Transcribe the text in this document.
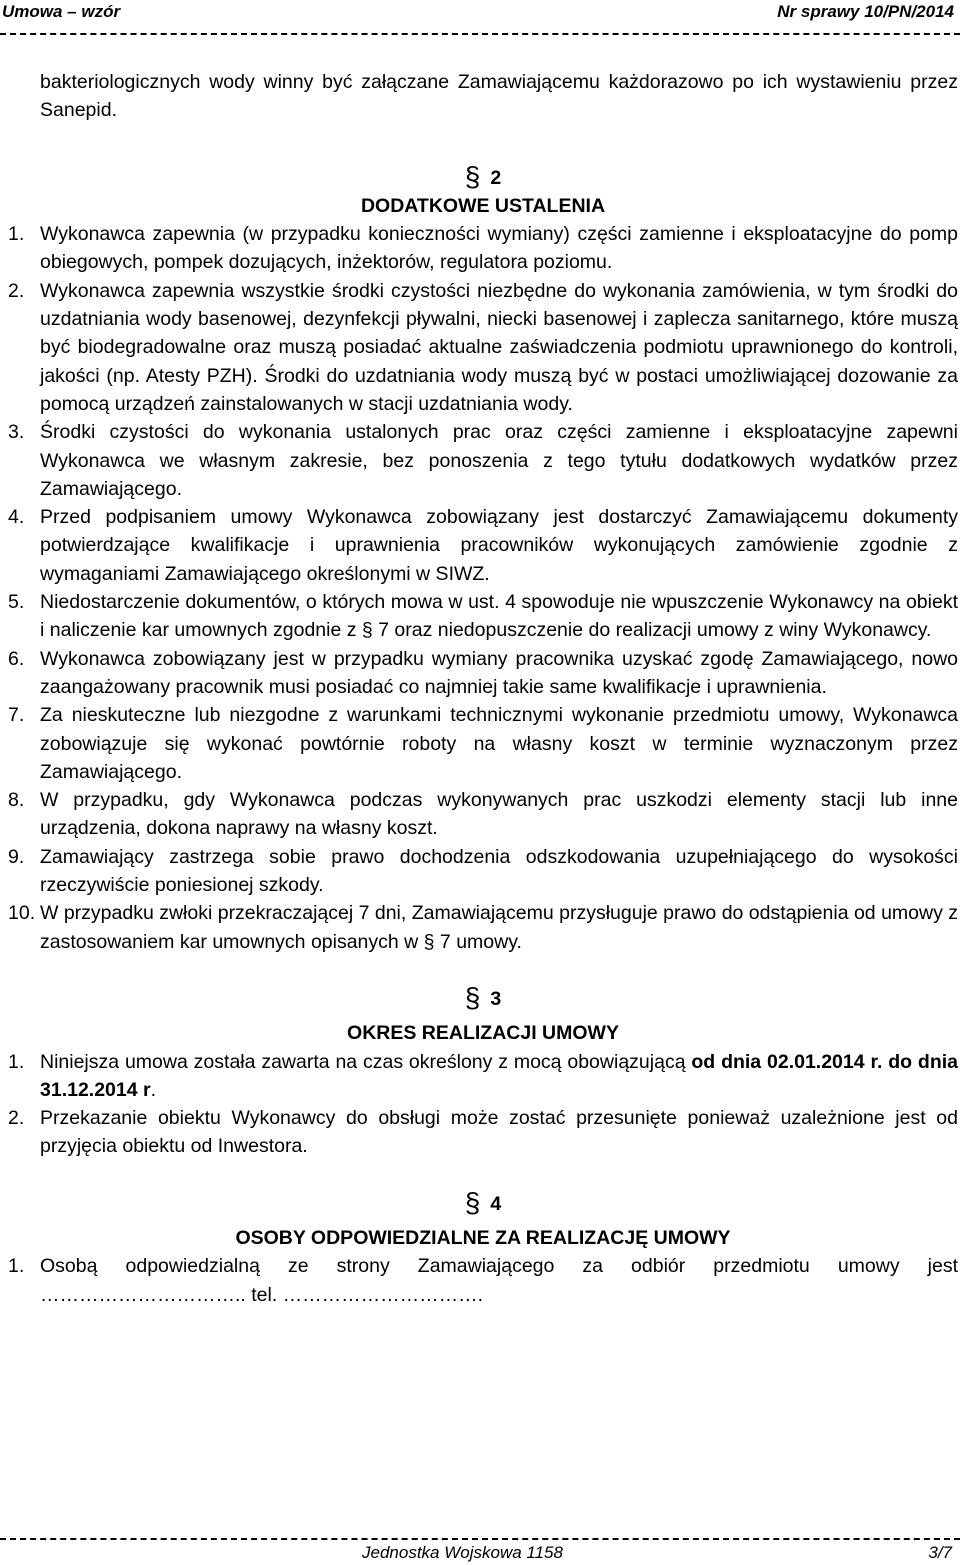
Umowa – wzór	Nr sprawy 10/PN/2014
bakteriologicznych wody winny być załączane Zamawiającemu każdorazowo po ich wystawieniu przez Sanepid.
§ 2
DODATKOWE USTALENIA
1. Wykonawca zapewnia (w przypadku konieczności wymiany) części zamienne i eksploatacyjne do pomp obiegowych, pompek dozujących, inżektorów, regulatora poziomu.
2. Wykonawca zapewnia wszystkie środki czystości niezbędne do wykonania zamówienia, w tym środki do uzdatniania wody basenowej, dezynfekcji pływalni, niecki basenowej i zaplecza sanitarnego, które muszą być biodegradowalne oraz muszą posiadać aktualne zaświadczenia podmiotu uprawnionego do kontroli, jakości (np. Atesty PZH). Środki do uzdatniania wody muszą być w postaci umożliwiającej dozowanie za pomocą urządzeń zainstalowanych w stacji uzdatniania wody.
3. Środki czystości do wykonania ustalonych prac oraz części zamienne i eksploatacyjne zapewni Wykonawca we własnym zakresie, bez ponoszenia z tego tytułu dodatkowych wydatków przez Zamawiającego.
4. Przed podpisaniem umowy Wykonawca zobowiązany jest dostarczyć Zamawiającemu dokumenty potwierdzające kwalifikacje i uprawnienia pracowników wykonujących zamówienie zgodnie z wymaganiami Zamawiającego określonymi w SIWZ.
5. Niedostarczenie dokumentów, o których mowa w ust. 4 spowoduje nie wpuszczenie Wykonawcy na obiekt i naliczenie kar umownych zgodnie z § 7 oraz niedopuszczenie do realizacji umowy z winy Wykonawcy.
6. Wykonawca zobowiązany jest w przypadku wymiany pracownika uzyskać zgodę Zamawiającego, nowo zaangażowany pracownik musi posiadać co najmniej takie same kwalifikacje i uprawnienia.
7. Za nieskuteczne lub niezgodne z warunkami technicznymi wykonanie przedmiotu umowy, Wykonawca zobowiązuje się wykonać powtórnie roboty na własny koszt w terminie wyznaczonym przez Zamawiającego.
8. W przypadku, gdy Wykonawca podczas wykonywanych prac uszkodzi elementy stacji lub inne urządzenia, dokona naprawy na własny koszt.
9. Zamawiający zastrzega sobie prawo dochodzenia odszkodowania uzupełniającego do wysokości rzeczywiście poniesionej szkody.
10. W przypadku zwłoki przekraczającej 7 dni, Zamawiającemu przysługuje prawo do odstąpienia od umowy z zastosowaniem kar umownych opisanych w § 7 umowy.
§ 3
OKRES REALIZACJI UMOWY
1. Niniejsza umowa została zawarta na czas określony z mocą obowiązującą od dnia 02.01.2014 r. do dnia 31.12.2014 r.
2. Przekazanie obiektu Wykonawcy do obsługi może zostać przesunięte ponieważ uzależnione jest od przyjęcia obiektu od Inwestora.
§ 4
OSOBY ODPOWIEDZIALNE ZA REALIZACJĘ UMOWY
1. Osobą odpowiedzialną ze strony Zamawiającego za odbiór przedmiotu umowy jest ………………………….. tel. ………………………….
Jednostka Wojskowa 1158	3/7
